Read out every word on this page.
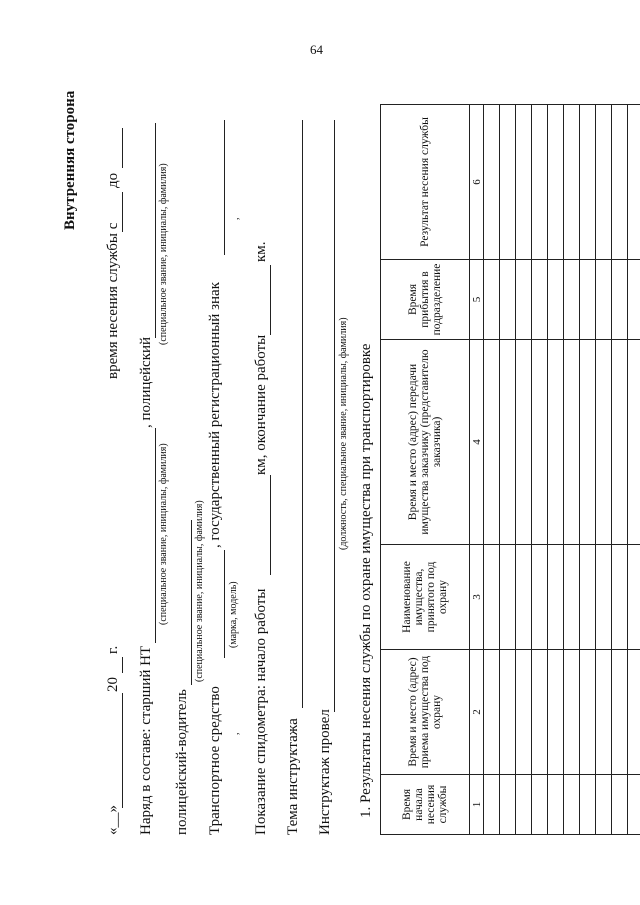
64
Внутренняя сторона
«__»
20
г.
время несения службы с
до
Наряд в составе: старший НТ
, полицейский
(специальное звание, инициалы, фамилия)
(специальное звание, инициалы, фамилия)
полицейский-водитель
(специальное звание, инициалы, фамилия)
Транспортное средство
, государственный регистрационный знак
(марка, модель)
,
,
Показание спидометра: начало работы
км, окончание работы
км.
Тема инструктажа Инструктаж провел
(должность, специальное звание, инициалы, фамилия) 1. Результаты несения службы по охране имущества при транспортировке Время начала несения службы	Время и место (адрес) приема имущества под охрану	Наименование имущества, принятого под охрану	Время и место (адрес) передачи имущества заказчику (представителю заказчика)	Время прибытия в подразделение	Результат несения службы
1	2	3	4	5	6
